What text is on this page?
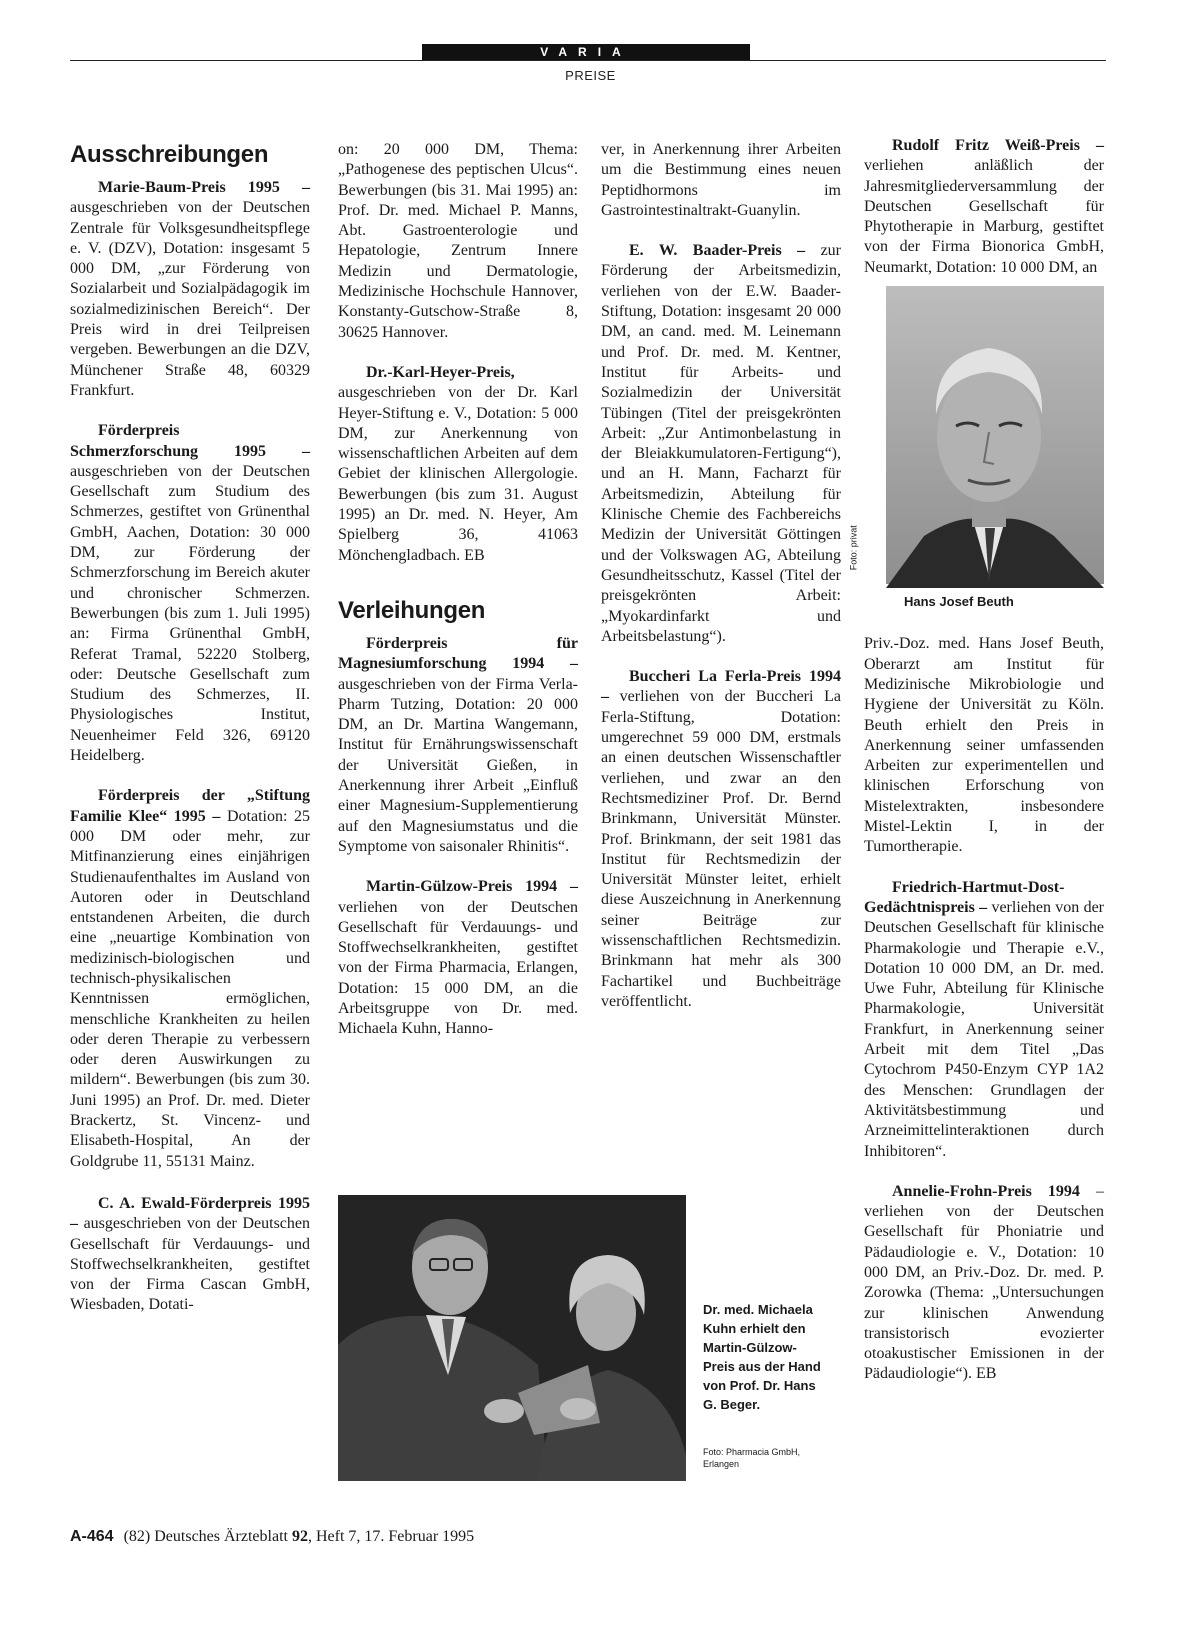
VARIA
PREISE
Ausschreibungen

Marie-Baum-Preis 1995 – ausgeschrieben von der Deutschen Zentrale für Volksgesundheitspflege e. V. (DZV), Dotation: insgesamt 5 000 DM, „zur Förderung von Sozialarbeit und Sozialpädagogik im sozialmedizinischen Bereich“. Der Preis wird in drei Teilpreisen vergeben. Bewerbungen an die DZV, Münchener Straße 48, 60329 Frankfurt.

Förderpreis Schmerzforschung 1995 – ausgeschrieben von der Deutschen Gesellschaft zum Studium des Schmerzes, gestiftet von Grünenthal GmbH, Aachen, Dotation: 30 000 DM, zur Förderung der Schmerzforschung im Bereich akuter und chronischer Schmerzen. Bewerbungen (bis zum 1. Juli 1995) an: Firma Grünenthal GmbH, Referat Tramal, 52220 Stolberg, oder: Deutsche Gesellschaft zum Studium des Schmerzes, II. Physiologisches Institut, Neuenheimer Feld 326, 69120 Heidelberg.

Förderpreis der „Stiftung Familie Klee“ 1995 – Dotation: 25 000 DM oder mehr, zur Mitfinanzierung eines einjährigen Studienaufenthaltes im Ausland von Autoren oder in Deutschland entstandenen Arbeiten, die durch eine „neuartige Kombination von medizinisch-biologischen und technisch-physikalischen Kenntnissen ermöglichen, menschliche Krankheiten zu heilen oder deren Therapie zu verbessern oder deren Auswirkungen zu mildern“. Bewerbungen (bis zum 30. Juni 1995) an Prof. Dr. med. Dieter Brackertz, St. Vincenz- und Elisabeth-Hospital, An der Goldgrube 11, 55131 Mainz.

C. A. Ewald-Förderpreis 1995 – ausgeschrieben von der Deutschen Gesellschaft für Verdauungs- und Stoffwechselkrankheiten, gestiftet von der Firma Cascan GmbH, Wiesbaden, Dotati-

on: 20 000 DM, Thema: „Pathogenese des peptischen Ulcus“. Bewerbungen (bis 31. Mai 1995) an: Prof. Dr. med. Michael P. Manns, Abt. Gastroenterologie und Hepatologie, Zentrum Innere Medizin und Dermatologie, Medizinische Hochschule Hannover, Konstanty-Gutschow-Straße 8, 30625 Hannover.

Dr.-Karl-Heyer-Preis, ausgeschrieben von der Dr. Karl Heyer-Stiftung e. V., Dotation: 5 000 DM, zur Anerkennung von wissenschaftlichen Arbeiten auf dem Gebiet der klinischen Allergologie. Bewerbungen (bis zum 31. August 1995) an Dr. med. N. Heyer, Am Spielberg 36, 41063 Mönchengladbach. EB

Verleihungen

Förderpreis für Magnesiumforschung 1994 – ausgeschrieben von der Firma Verla-Pharm Tutzing, Dotation: 20 000 DM, an Dr. Martina Wangemann, Institut für Ernährungswissenschaft der Universität Gießen, in Anerkennung ihrer Arbeit „Einfluß einer Magnesium-Supplementierung auf den Magnesiumstatus und die Symptome von saisonaler Rhinitis“.

Martin-Gülzow-Preis 1994 – verliehen von der Deutschen Gesellschaft für Verdauungs- und Stoffwechselkrankheiten, gestiftet von der Firma Pharmacia, Erlangen, Dotation: 15 000 DM, an die Arbeitsgruppe von Dr. med. Michaela Kuhn, Hanno-

ver, in Anerkennung ihrer Arbeiten um die Bestimmung eines neuen Peptidhormons im Gastrointestinaltrakt-Guanylin.

E. W. Baader-Preis – zur Förderung der Arbeitsmedizin, verliehen von der E.W. Baader-Stiftung, Dotation: insgesamt 20 000 DM, an cand. med. M. Leinemann und Prof. Dr. med. M. Kentner, Institut für Arbeits- und Sozialmedizin der Universität Tübingen (Titel der preisgekrönten Arbeit: „Zur Antimonbelastung in der Bleiakkumulatoren-Fertigung“), und an H. Mann, Facharzt für Arbeitsmedizin, Abteilung für Klinische Chemie des Fachbereichs Medizin der Universität Göttingen und der Volkswagen AG, Abteilung Gesundheitsschutz, Kassel (Titel der preisgekrönten Arbeit: „Myokardinfarkt und Arbeitsbelastung“).

Buccheri La Ferla-Preis 1994 – verliehen von der Buccheri La Ferla-Stiftung, Dotation: umgerechnet 59 000 DM, erstmals an einen deutschen Wissenschaftler verliehen, und zwar an den Rechtsmediziner Prof. Dr. Bernd Brinkmann, Universität Münster. Prof. Brinkmann, der seit 1981 das Institut für Rechtsmedizin der Universität Münster leitet, erhielt diese Auszeichnung in Anerkennung seiner Beiträge zur wissenschaftlichen Rechtsmedizin. Brinkmann hat mehr als 300 Fachartikel und Buchbeiträge veröffentlicht.

Rudolf Fritz Weiß-Preis – verliehen anläßlich der Jahresmitgliederversammlung der Deutschen Gesellschaft für Phytotherapie in Marburg, gestiftet von der Firma Bionorica GmbH, Neumarkt, Dotation: 10 000 DM, an

Foto: privat
Hans Josef Beuth

Priv.-Doz. med. Hans Josef Beuth, Oberarzt am Institut für Medizinische Mikrobiologie und Hygiene der Universität zu Köln. Beuth erhielt den Preis in Anerkennung seiner umfassenden Arbeiten zur experimentellen und klinischen Erforschung von Mistelextrakten, insbesondere Mistel-Lektin I, in der Tumortherapie.

Friedrich-Hartmut-Dost-Gedächtnispreis – verliehen von der Deutschen Gesellschaft für klinische Pharmakologie und Therapie e.V., Dotation 10 000 DM, an Dr. med. Uwe Fuhr, Abteilung für Klinische Pharmakologie, Universität Frankfurt, in Anerkennung seiner Arbeit mit dem Titel „Das Cytochrom P450-Enzym CYP 1A2 des Menschen: Grundlagen der Aktivitätsbestimmung und Arzneimittelinteraktionen durch Inhibitoren“.

Annelie-Frohn-Preis 1994 – verliehen von der Deutschen Gesellschaft für Phoniatrie und Pädaudiologie e. V., Dotation: 10 000 DM, an Priv.-Doz. Dr. med. P. Zorowka (Thema: „Untersuchungen zur klinischen Anwendung transistorisch evozierter otoakustischer Emissionen in der Pädaudiologie“). EB

Dr. med. Michaela Kuhn erhielt den Martin-Gülzow-Preis aus der Hand von Prof. Dr. Hans G. Beger.
Foto: Pharmacia GmbH, Erlangen
A-464 (82) Deutsches Ärzteblatt 92, Heft 7, 17. Februar 1995
